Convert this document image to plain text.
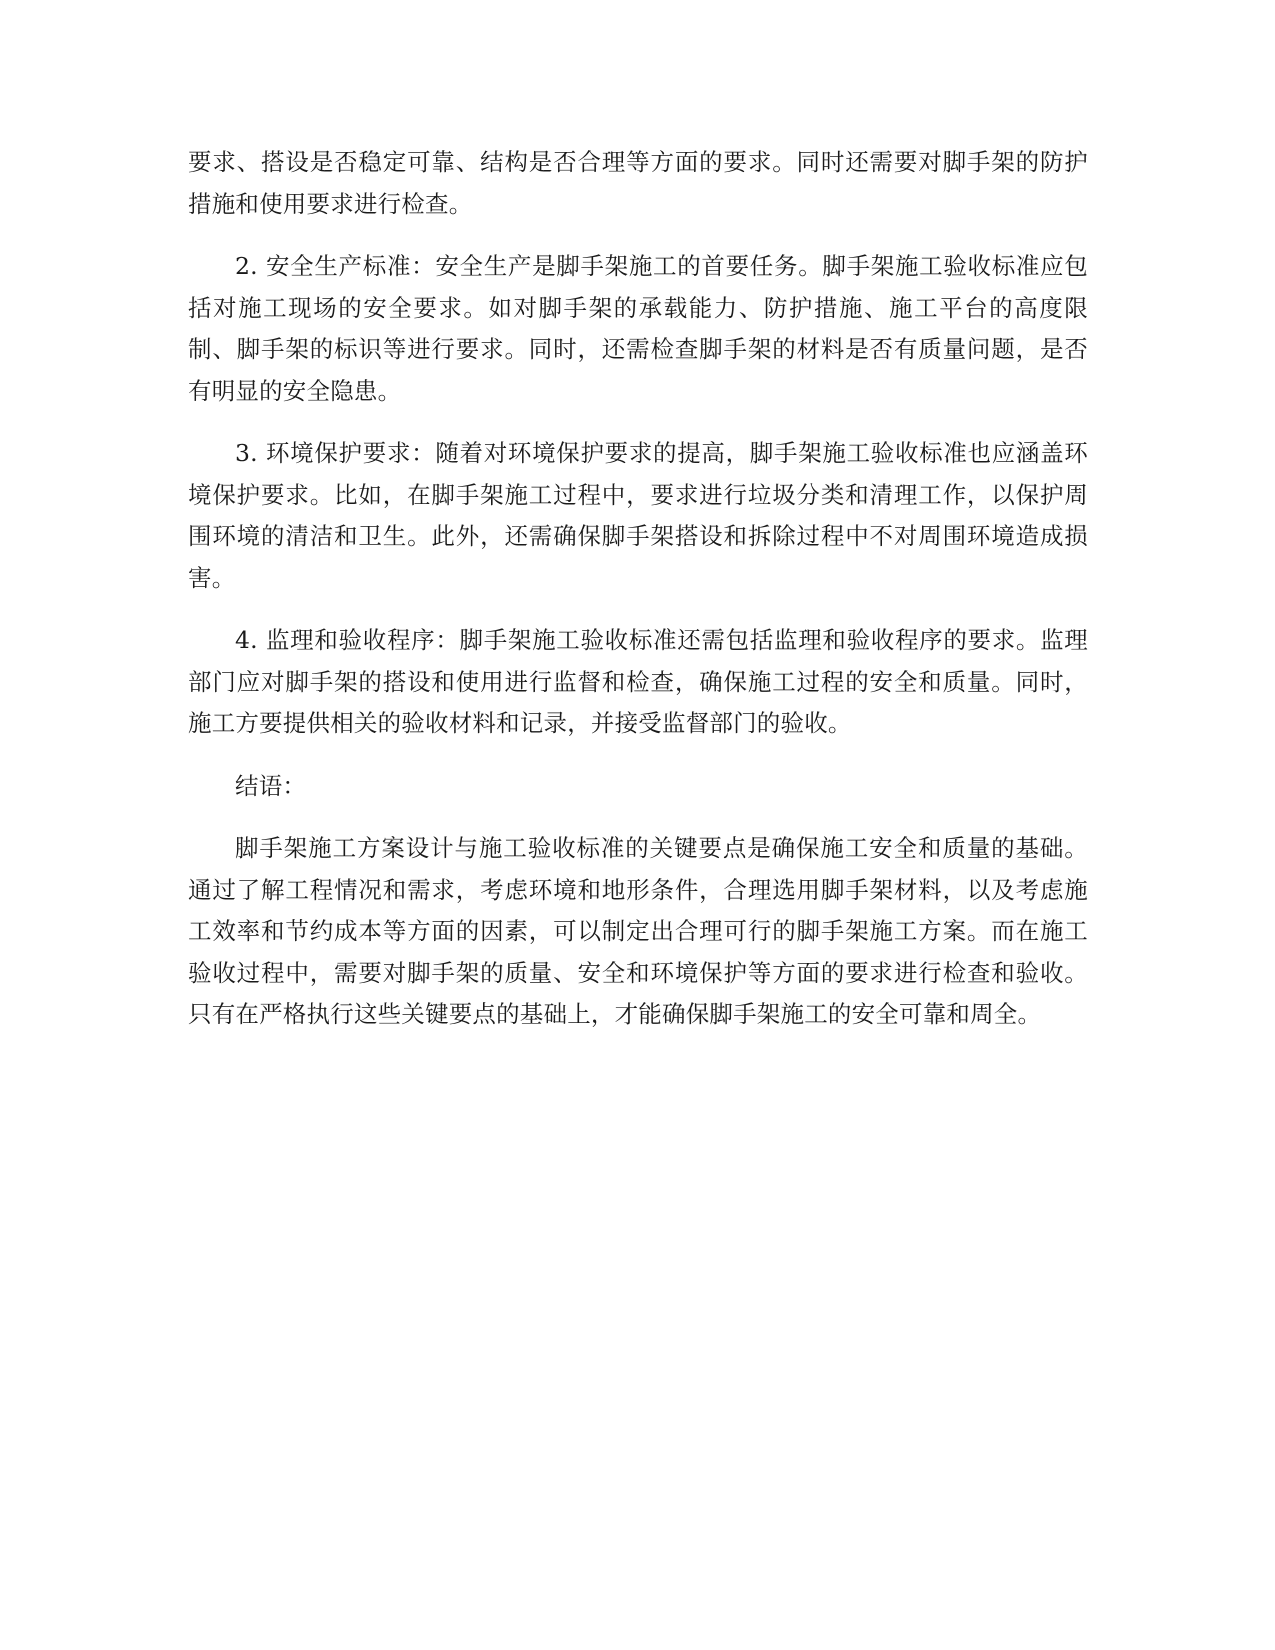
要求、搭设是否稳定可靠、结构是否合理等方面的要求。同时还需要对脚手架的防护措施和使用要求进行检查。

2. 安全生产标准：安全生产是脚手架施工的首要任务。脚手架施工验收标准应包括对施工现场的安全要求。如对脚手架的承载能力、防护措施、施工平台的高度限制、脚手架的标识等进行要求。同时，还需检查脚手架的材料是否有质量问题，是否有明显的安全隐患。

3. 环境保护要求：随着对环境保护要求的提高，脚手架施工验收标准也应涵盖环境保护要求。比如，在脚手架施工过程中，要求进行垃圾分类和清理工作，以保护周围环境的清洁和卫生。此外，还需确保脚手架搭设和拆除过程中不对周围环境造成损害。

4. 监理和验收程序：脚手架施工验收标准还需包括监理和验收程序的要求。监理部门应对脚手架的搭设和使用进行监督和检查，确保施工过程的安全和质量。同时，施工方要提供相关的验收材料和记录，并接受监督部门的验收。

结语：

脚手架施工方案设计与施工验收标准的关键要点是确保施工安全和质量的基础。通过了解工程情况和需求，考虑环境和地形条件，合理选用脚手架材料，以及考虑施工效率和节约成本等方面的因素，可以制定出合理可行的脚手架施工方案。而在施工验收过程中，需要对脚手架的质量、安全和环境保护等方面的要求进行检查和验收。只有在严格执行这些关键要点的基础上，才能确保脚手架施工的安全可靠和周全。
